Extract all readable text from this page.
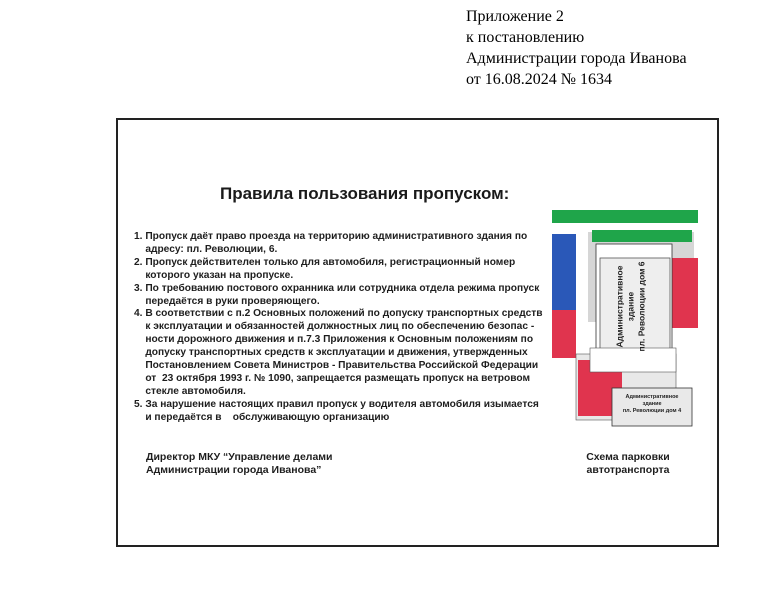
Приложение 2
к постановлению
Администрации города Иванова
от 16.08.2024 № 1634
Правила пользования пропуском:
1. Пропуск даёт право проезда на территорию административного здания по
адресу: пл. Революции, 6.
2. Пропуск действителен только для автомобиля, регистрационный номер
которого указан на пропуске.
3. По требованию постового охранника или сотрудника отдела режима пропуск
передаётся в руки проверяющего.
4. В соответствии с п.2 Основных положений по допуску транспортных средств
к эксплуатации и обязанностей должностных лиц по обеспечению безопас -
ности дорожного движения и п.7.3 Приложения к Основным положениям по
допуску транспортных средств к эксплуатации и движения, утвержденных
Постановлением Совета Министров - Правительства Российской Федерации
от  23 октября 1993 г. № 1090, запрещается размещать пропуск на ветровом
стекле автомобиля.
5. За нарушение настоящих правил пропуск у водителя автомобиля изымается
и передаётся в    обслуживающую организацию
Директор МКУ “Управление делами
Администрации города Иванова”
Административное здание пл. Революции дом 6
Административное
здание
пл. Революции дом 4
Схема парковки
автотранспорта
